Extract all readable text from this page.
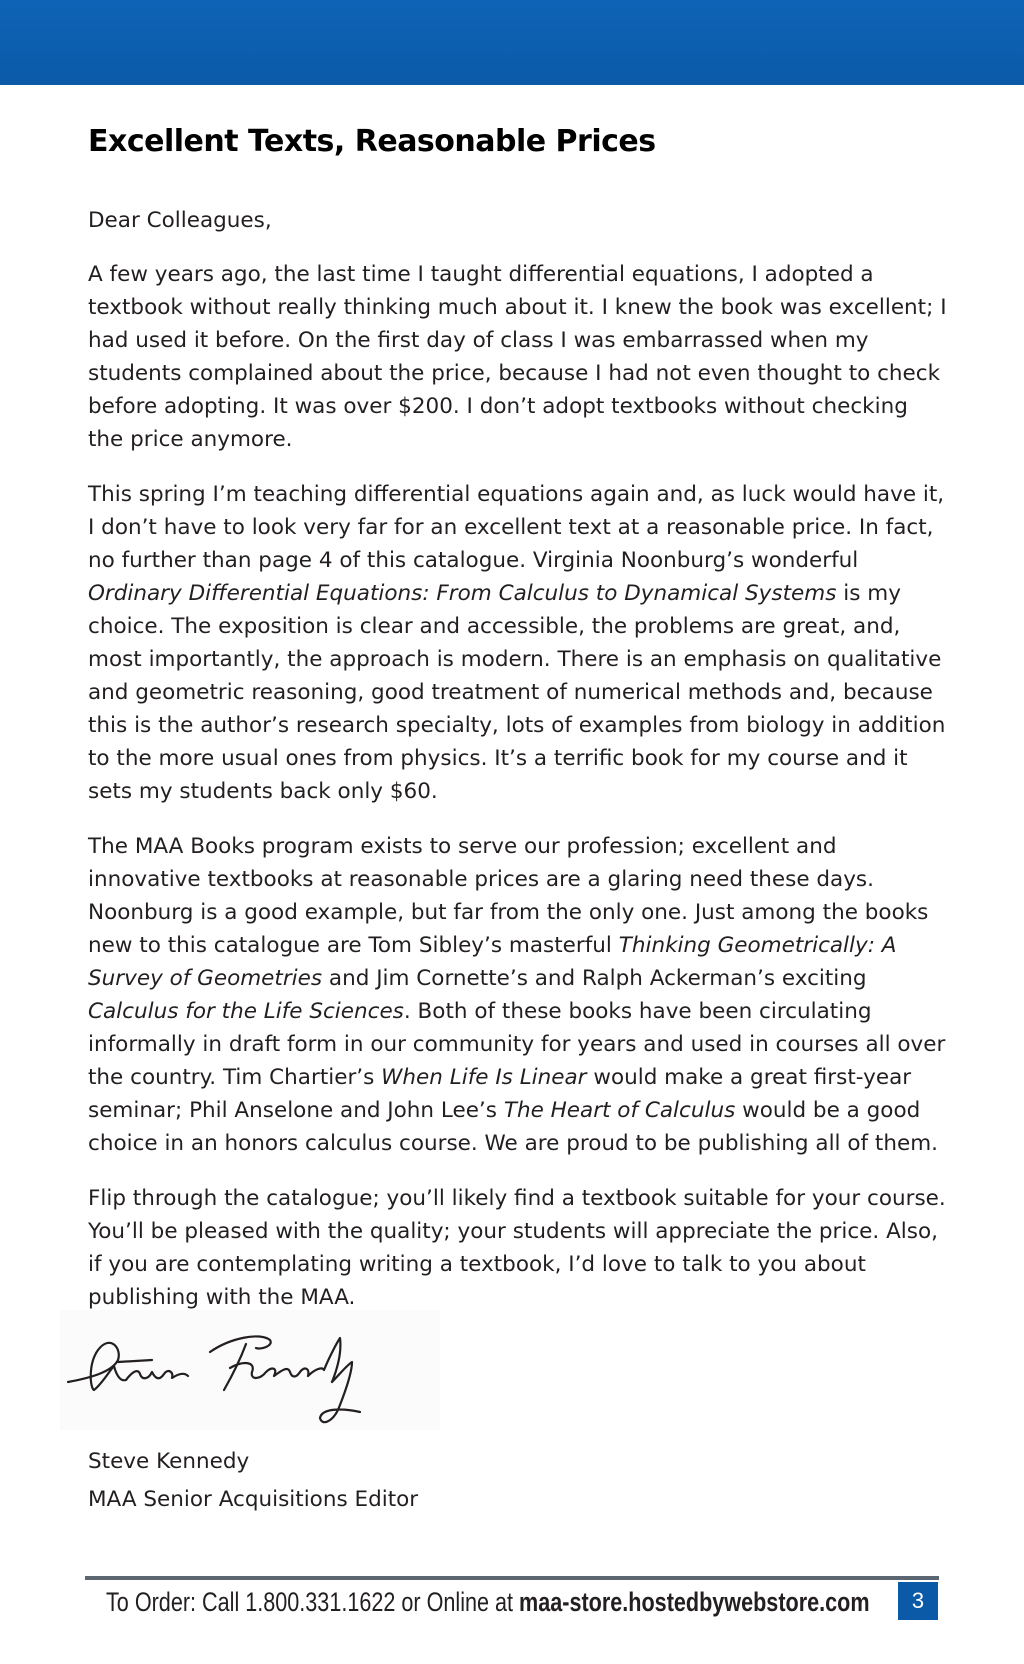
Excellent Texts, Reasonable Prices

Dear Colleagues,

A few years ago, the last time I taught differential equations, I adopted a textbook without really thinking much about it. I knew the book was excellent; I had used it before. On the first day of class I was embarrassed when my students complained about the price, because I had not even thought to check before adopting. It was over $200. I don’t adopt textbooks without checking the price anymore.

This spring I’m teaching differential equations again and, as luck would have it, I don’t have to look very far for an excellent text at a reasonable price. In fact, no further than page 4 of this catalogue. Virginia Noonburg’s wonderful Ordinary Differential Equations: From Calculus to Dynamical Systems is my choice. The exposition is clear and accessible, the problems are great, and, most importantly, the approach is modern. There is an emphasis on qualitative and geometric reasoning, good treatment of numerical methods and, because this is the author’s research specialty, lots of examples from biology in addition to the more usual ones from physics. It’s a terrific book for my course and it sets my students back only $60.

The MAA Books program exists to serve our profession; excellent and innovative textbooks at reasonable prices are a glaring need these days. Noonburg is a good example, but far from the only one. Just among the books new to this catalogue are Tom Sibley’s masterful Thinking Geometrically: A Survey of Geometries and Jim Cornette’s and Ralph Ackerman’s exciting Calculus for the Life Sciences. Both of these books have been circulating informally in draft form in our community for years and used in courses all over the country. Tim Chartier’s When Life Is Linear would make a great first-year seminar; Phil Anselone and John Lee’s The Heart of Calculus would be a good choice in an honors calculus course. We are proud to be publishing all of them.

Flip through the catalogue; you’ll likely find a textbook suitable for your course. You’ll be pleased with the quality; your students will appreciate the price. Also, if you are contemplating writing a textbook, I’d love to talk to you about publishing with the MAA.

Steve Kennedy
MAA Senior Acquisitions Editor
To Order: Call 1.800.331.1622 or Online at maa-store.hostedbywebstore.com	3
